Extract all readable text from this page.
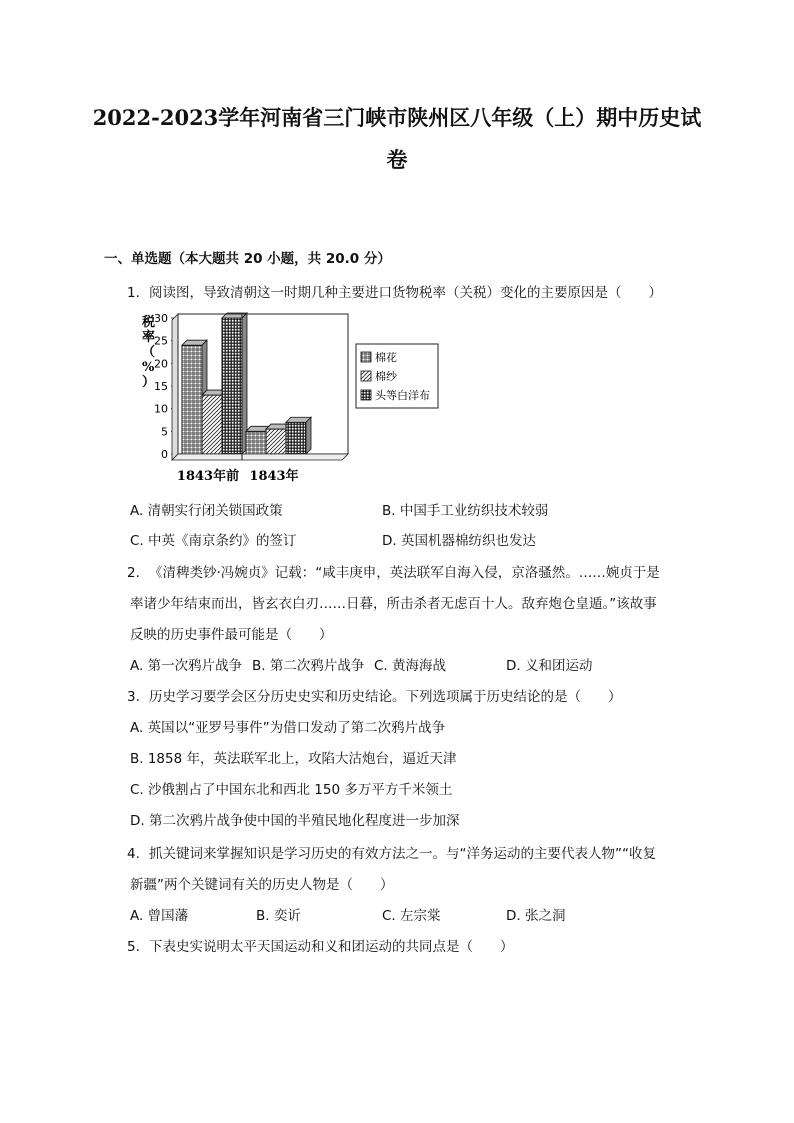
2022-2023学年河南省三门峡市陕州区八年级（上）期中历史试
卷
一、单选题（本大题共 20 小题，共 20.0 分）
1. 阅读图，导致清朝这一时期几种主要进口货物税率（关税）变化的主要原因是（　　）
税率（%）
0
5
10
15
20
25
30
1843年前 1843年
棉花
棉纱
头等白洋布
A. 清朝实行闭关锁国政策	B. 中国手工业纺织技术较弱
C. 中英《南京条约》的签订	D. 英国机器棉纺织也发达
2. 《清稗类钞·冯婉贞》记载：“咸丰庚申，英法联军自海入侵，京洛骚然。……婉贞于是
率诸少年结束而出，皆玄衣白刃……日暮，所击杀者无虑百十人。敌弃炮仓皇遁。”该故事
反映的历史事件最可能是（　　）
A. 第一次鸦片战争 B. 第二次鸦片战争 C. 黄海海战	D. 义和团运动
3. 历史学习要学会区分历史史实和历史结论。下列选项属于历史结论的是（　　）
A. 英国以“亚罗号事件”为借口发动了第二次鸦片战争
B. 1858 年，英法联军北上，攻陷大沽炮台，逼近天津
C. 沙俄割占了中国东北和西北 150 多万平方千米领土
D. 第二次鸦片战争使中国的半殖民地化程度进一步加深
4. 抓关键词来掌握知识是学习历史的有效方法之一。与“洋务运动的主要代表人物”“收复
新疆”两个关键词有关的历史人物是（　　）
A. 曾国藩	B. 奕䜣	C. 左宗棠	D. 张之洞
5. 下表史实说明太平天国运动和义和团运动的共同点是（　　）
